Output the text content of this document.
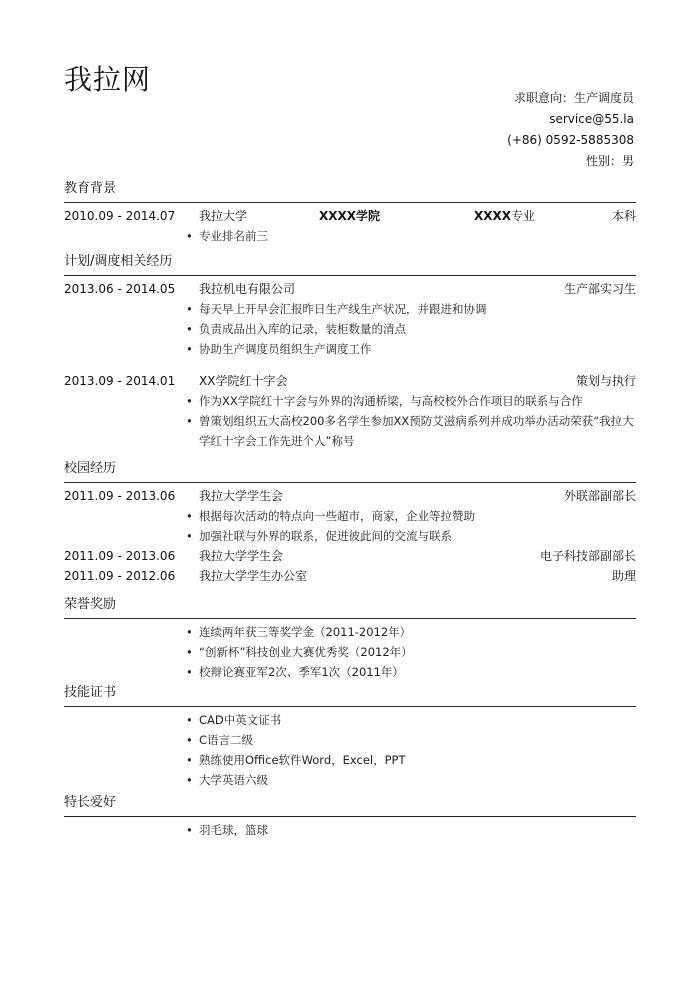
我拉网
求职意向：生产调度员
service@55.la
(+86) 0592-5885308
性别：男
教育背景
2010.09 - 2014.07 我拉大学	XXXX学院	XXXX专业	本科
• 专业排名前三
计划/调度相关经历
2013.06 - 2014.05 我拉机电有限公司	生产部实习生
• 每天早上开早会汇报昨日生产线生产状况，并跟进和协调
• 负责成品出入库的记录，装柜数量的清点
• 协助生产调度员组织生产调度工作
2013.09 - 2014.01 XX学院红十字会	策划与执行
• 作为XX学院红十字会与外界的沟通桥梁，与高校校外合作项目的联系与合作
• 曾策划组织五大高校200多名学生参加XX预防艾滋病系列并成功举办活动荣获“我拉大学红十字会工作先进个人”称号
校园经历
2011.09 - 2013.06 我拉大学学生会	外联部副部长
• 根据每次活动的特点向一些超市，商家，企业等拉赞助
• 加强社联与外界的联系，促进彼此间的交流与联系
2011.09 - 2013.06 我拉大学学生会	电子科技部副部长
2011.09 - 2012.06 我拉大学学生办公室	助理
荣誉奖励
• 连续两年获三等奖学金（2011-2012年）
• “创新杯”科技创业大赛优秀奖（2012年）
• 校辩论赛亚军2次、季军1次（2011年）
技能证书
• CAD中英文证书
• C语言二级
• 熟练使用Office软件Word，Excel，PPT
• 大学英语六级
特长爱好
• 羽毛球，篮球
